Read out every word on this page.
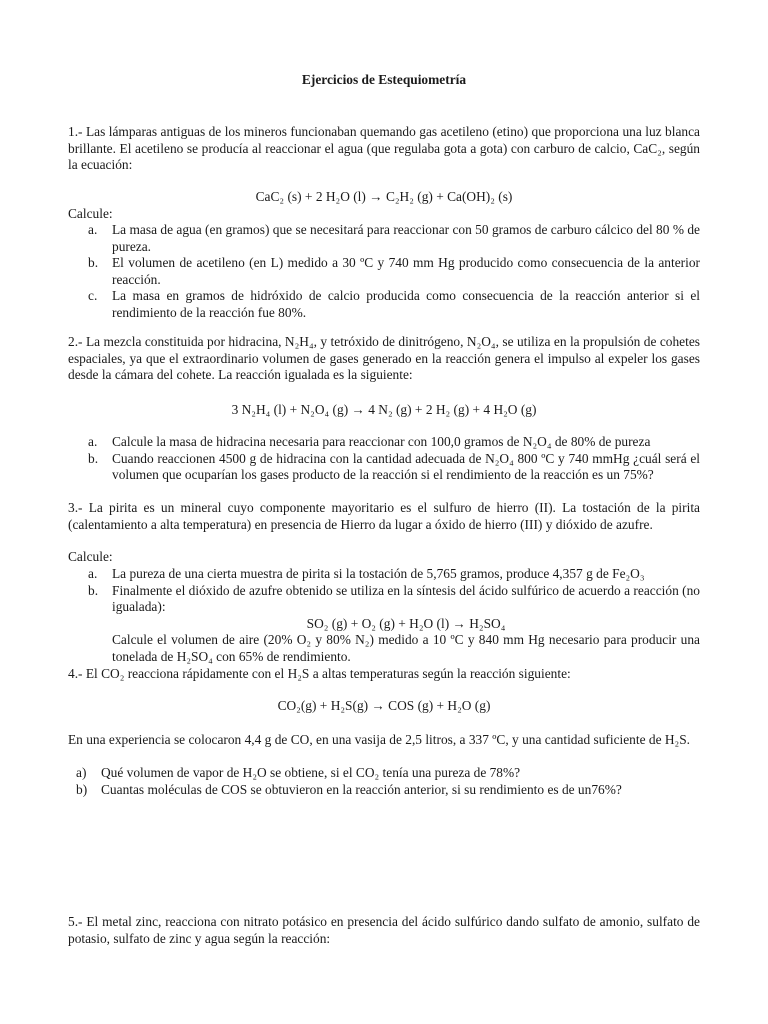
Ejercicios de Estequiometría
1.- Las lámparas antiguas de los mineros funcionaban quemando gas acetileno (etino) que proporciona una luz blanca brillante. El acetileno se producía al reaccionar el agua (que regulaba gota a gota) con carburo de calcio, CaC₂, según la ecuación:
CaC₂ (s) + 2 H₂O (l) → C₂H₂ (g) + Ca(OH)₂ (s)
Calcule:
a. La masa de agua (en gramos) que se necesitará para reaccionar con 50 gramos de carburo cálcico del 80 % de pureza.
b. El volumen de acetileno (en L) medido a 30 ºC y 740 mm Hg producido como consecuencia de la anterior reacción.
c. La masa en gramos de hidróxido de calcio producida como consecuencia de la reacción anterior si el rendimiento de la reacción fue 80%.
2.- La mezcla constituida por hidracina, N₂H₄, y tetróxido de dinitrógeno, N₂O₄, se utiliza en la propulsión de cohetes espaciales, ya que el extraordinario volumen de gases generado en la reacción genera el impulso al expeler los gases desde la cámara del cohete. La reacción igualada es la siguiente:
3 N₂H₄ (l) + N₂O₄ (g) → 4 N₂ (g) + 2 H₂ (g) + 4 H₂O (g)
a. Calcule la masa de hidracina necesaria para reaccionar con 100,0 gramos de N₂O₄ de 80% de pureza
b. Cuando reaccionen 4500 g de hidracina con la cantidad adecuada de N₂O₄ 800 ºC y 740 mmHg ¿cuál será el volumen que ocuparían los gases producto de la reacción si el rendimiento de la reacción es un 75%?
3.- La pirita es un mineral cuyo componente mayoritario es el sulfuro de hierro (II). La tostación de la pirita (calentamiento a alta temperatura) en presencia de Hierro da lugar a óxido de hierro (III) y dióxido de azufre.
Calcule:
a. La pureza de una cierta muestra de pirita si la tostación de 5,765 gramos, produce 4,357 g de Fe₂O₃
b. Finalmente el dióxido de azufre obtenido se utiliza en la síntesis del ácido sulfúrico de acuerdo a reacción (no igualada):
SO₂ (g) + O₂ (g) + H₂O (l) → H₂SO₄
Calcule el volumen de aire (20% O₂ y 80% N₂) medido a 10 ºC y 840 mm Hg necesario para producir una tonelada de H₂SO₄ con 65% de rendimiento.
4.- El CO₂ reacciona rápidamente con el H₂S a altas temperaturas según la reacción siguiente:
CO₂(g) + H₂S(g) → COS (g) + H₂O (g)
En una experiencia se colocaron 4,4 g de CO, en una vasija de 2,5 litros, a 337 ºC, y una cantidad suficiente de H₂S.
a) Qué volumen de vapor de H₂O se obtiene, si el CO₂ tenía una pureza de 78%?
b) Cuantas moléculas de COS se obtuvieron en la reacción anterior, si su rendimiento es de un76%?
5.- El metal zinc, reacciona con nitrato potásico en presencia del ácido sulfúrico dando sulfato de amonio, sulfato de potasio, sulfato de zinc y agua según la reacción:
